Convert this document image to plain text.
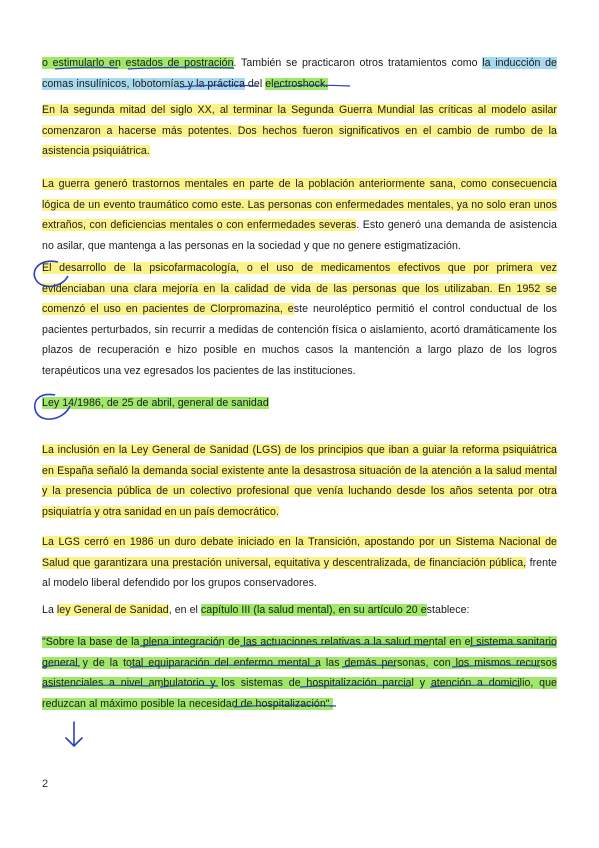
o estimularlo en estados de postración. También se practicaron otros tratamientos como la inducción de comas insulínicos, lobotomías y la práctica del electroshock.
En la segunda mitad del siglo XX, al terminar la Segunda Guerra Mundial las críticas al modelo asilar comenzaron a hacerse más potentes. Dos hechos fueron significativos en el cambio de rumbo de la asistencia psiquiátrica.
La guerra generó trastornos mentales en parte de la población anteriormente sana, como consecuencia lógica de un evento traumático como este. Las personas con enfermedades mentales, ya no solo eran unos extraños, con deficiencias mentales o con enfermedades severas. Esto generó una demanda de asistencia no asilar, que mantenga a las personas en la sociedad y que no genere estigmatización.
El desarrollo de la psicofarmacología, o el uso de medicamentos efectivos que por primera vez evidenciaban una clara mejoría en la calidad de vida de las personas que los utilizaban. En 1952 se comenzó el uso en pacientes de Clorpromazina, este neuroléptico permitió el control conductual de los pacientes perturbados, sin recurrir a medidas de contención física o aislamiento, acortó dramáticamente los plazos de recuperación e hizo posible en muchos casos la mantención a largo plazo de los logros terapéuticos una vez egresados los pacientes de las instituciones.
Ley 14/1986, de 25 de abril, general de sanidad
La inclusión en la Ley General de Sanidad (LGS) de los principios que iban a guiar la reforma psiquiátrica en España señaló la demanda social existente ante la desastrosa situación de la atención a la salud mental y la presencia pública de un colectivo profesional que venía luchando desde los años setenta por otra psiquiatría y otra sanidad en un país democrático.
La LGS cerró en 1986 un duro debate iniciado en la Transición, apostando por un Sistema Nacional de Salud que garantizara una prestación universal, equitativa y descentralizada, de financiación pública, frente al modelo liberal defendido por los grupos conservadores.
La ley General de Sanidad, en el capítulo III (la salud mental), en su artículo 20 establece:
"Sobre la base de la plena integración de las actuaciones relativas a la salud mental en el sistema sanitario general y de la total equiparación del enfermo mental a las demás personas, con los mismos recursos asistenciales a nivel ambulatorio y los sistemas de hospitalización parcial y atención a domicilio, que reduzcan al máximo posible la necesidad de hospitalización".
2
